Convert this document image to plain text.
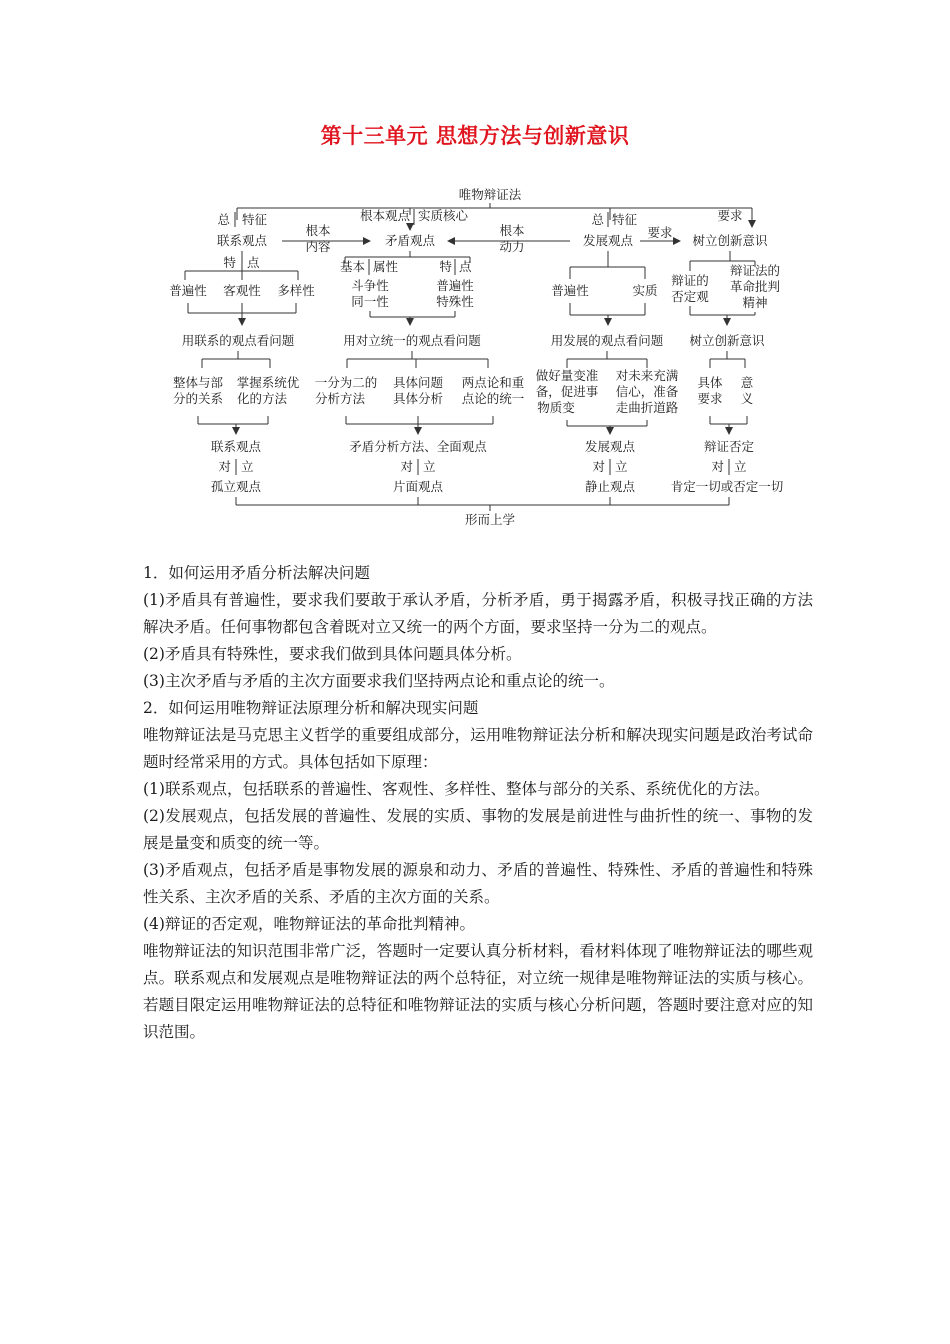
第十三单元 思想方法与创新意识
唯物辩证法
总 特征	根本观点 实质核心	总 特征	要求
联系观点	矛盾观点	发展观点	树立创新意识
根本
内容
根本
动力
要求
特 点
普遍性 客观性 多样性
基本 属性	特 点
斗争性
同一性
普遍性
特殊性
普遍性	实质
辩证的
否定观
辩证法的
革命批判
精神
用联系的观点看问题	用对立统一的观点看问题	用发展的观点看问题 树立创新意识
整体与部
分的关系
掌握系统优
化的方法
一分为二的
分析方法
具体问题
具体分析
两点论和重
点论的统一
做好量变准
备，促进事
物质变
对未来充满
信心，准备
走曲折道路
具体
要求
意
义
联系观点
对 立
孤立观点
矛盾分析方法、全面观点
对 立
片面观点
发展观点
对 立
静止观点
辩证否定
对 立
肯定一切或否定一切
形而上学

1．如何运用矛盾分析法解决问题

(1)矛盾具有普遍性，要求我们要敢于承认矛盾，分析矛盾，勇于揭露矛盾，积极寻找正确的方法解决矛盾。任何事物都包含着既对立又统一的两个方面，要求坚持一分为二的观点。

(2)矛盾具有特殊性，要求我们做到具体问题具体分析。

(3)主次矛盾与矛盾的主次方面要求我们坚持两点论和重点论的统一。

2．如何运用唯物辩证法原理分析和解决现实问题

唯物辩证法是马克思主义哲学的重要组成部分，运用唯物辩证法分析和解决现实问题是政治考试命题时经常采用的方式。具体包括如下原理：

(1)联系观点，包括联系的普遍性、客观性、多样性、整体与部分的关系、系统优化的方法。

(2)发展观点，包括发展的普遍性、发展的实质、事物的发展是前进性与曲折性的统一、事物的发展是量变和质变的统一等。

(3)矛盾观点，包括矛盾是事物发展的源泉和动力、矛盾的普遍性、特殊性、矛盾的普遍性和特殊性关系、主次矛盾的关系、矛盾的主次方面的关系。

(4)辩证的否定观，唯物辩证法的革命批判精神。

唯物辩证法的知识范围非常广泛，答题时一定要认真分析材料，看材料体现了唯物辩证法的哪些观点。联系观点和发展观点是唯物辩证法的两个总特征，对立统一规律是唯物辩证法的实质与核心。若题目限定运用唯物辩证法的总特征和唯物辩证法的实质与核心分析问题，答题时要注意对应的知识范围。
